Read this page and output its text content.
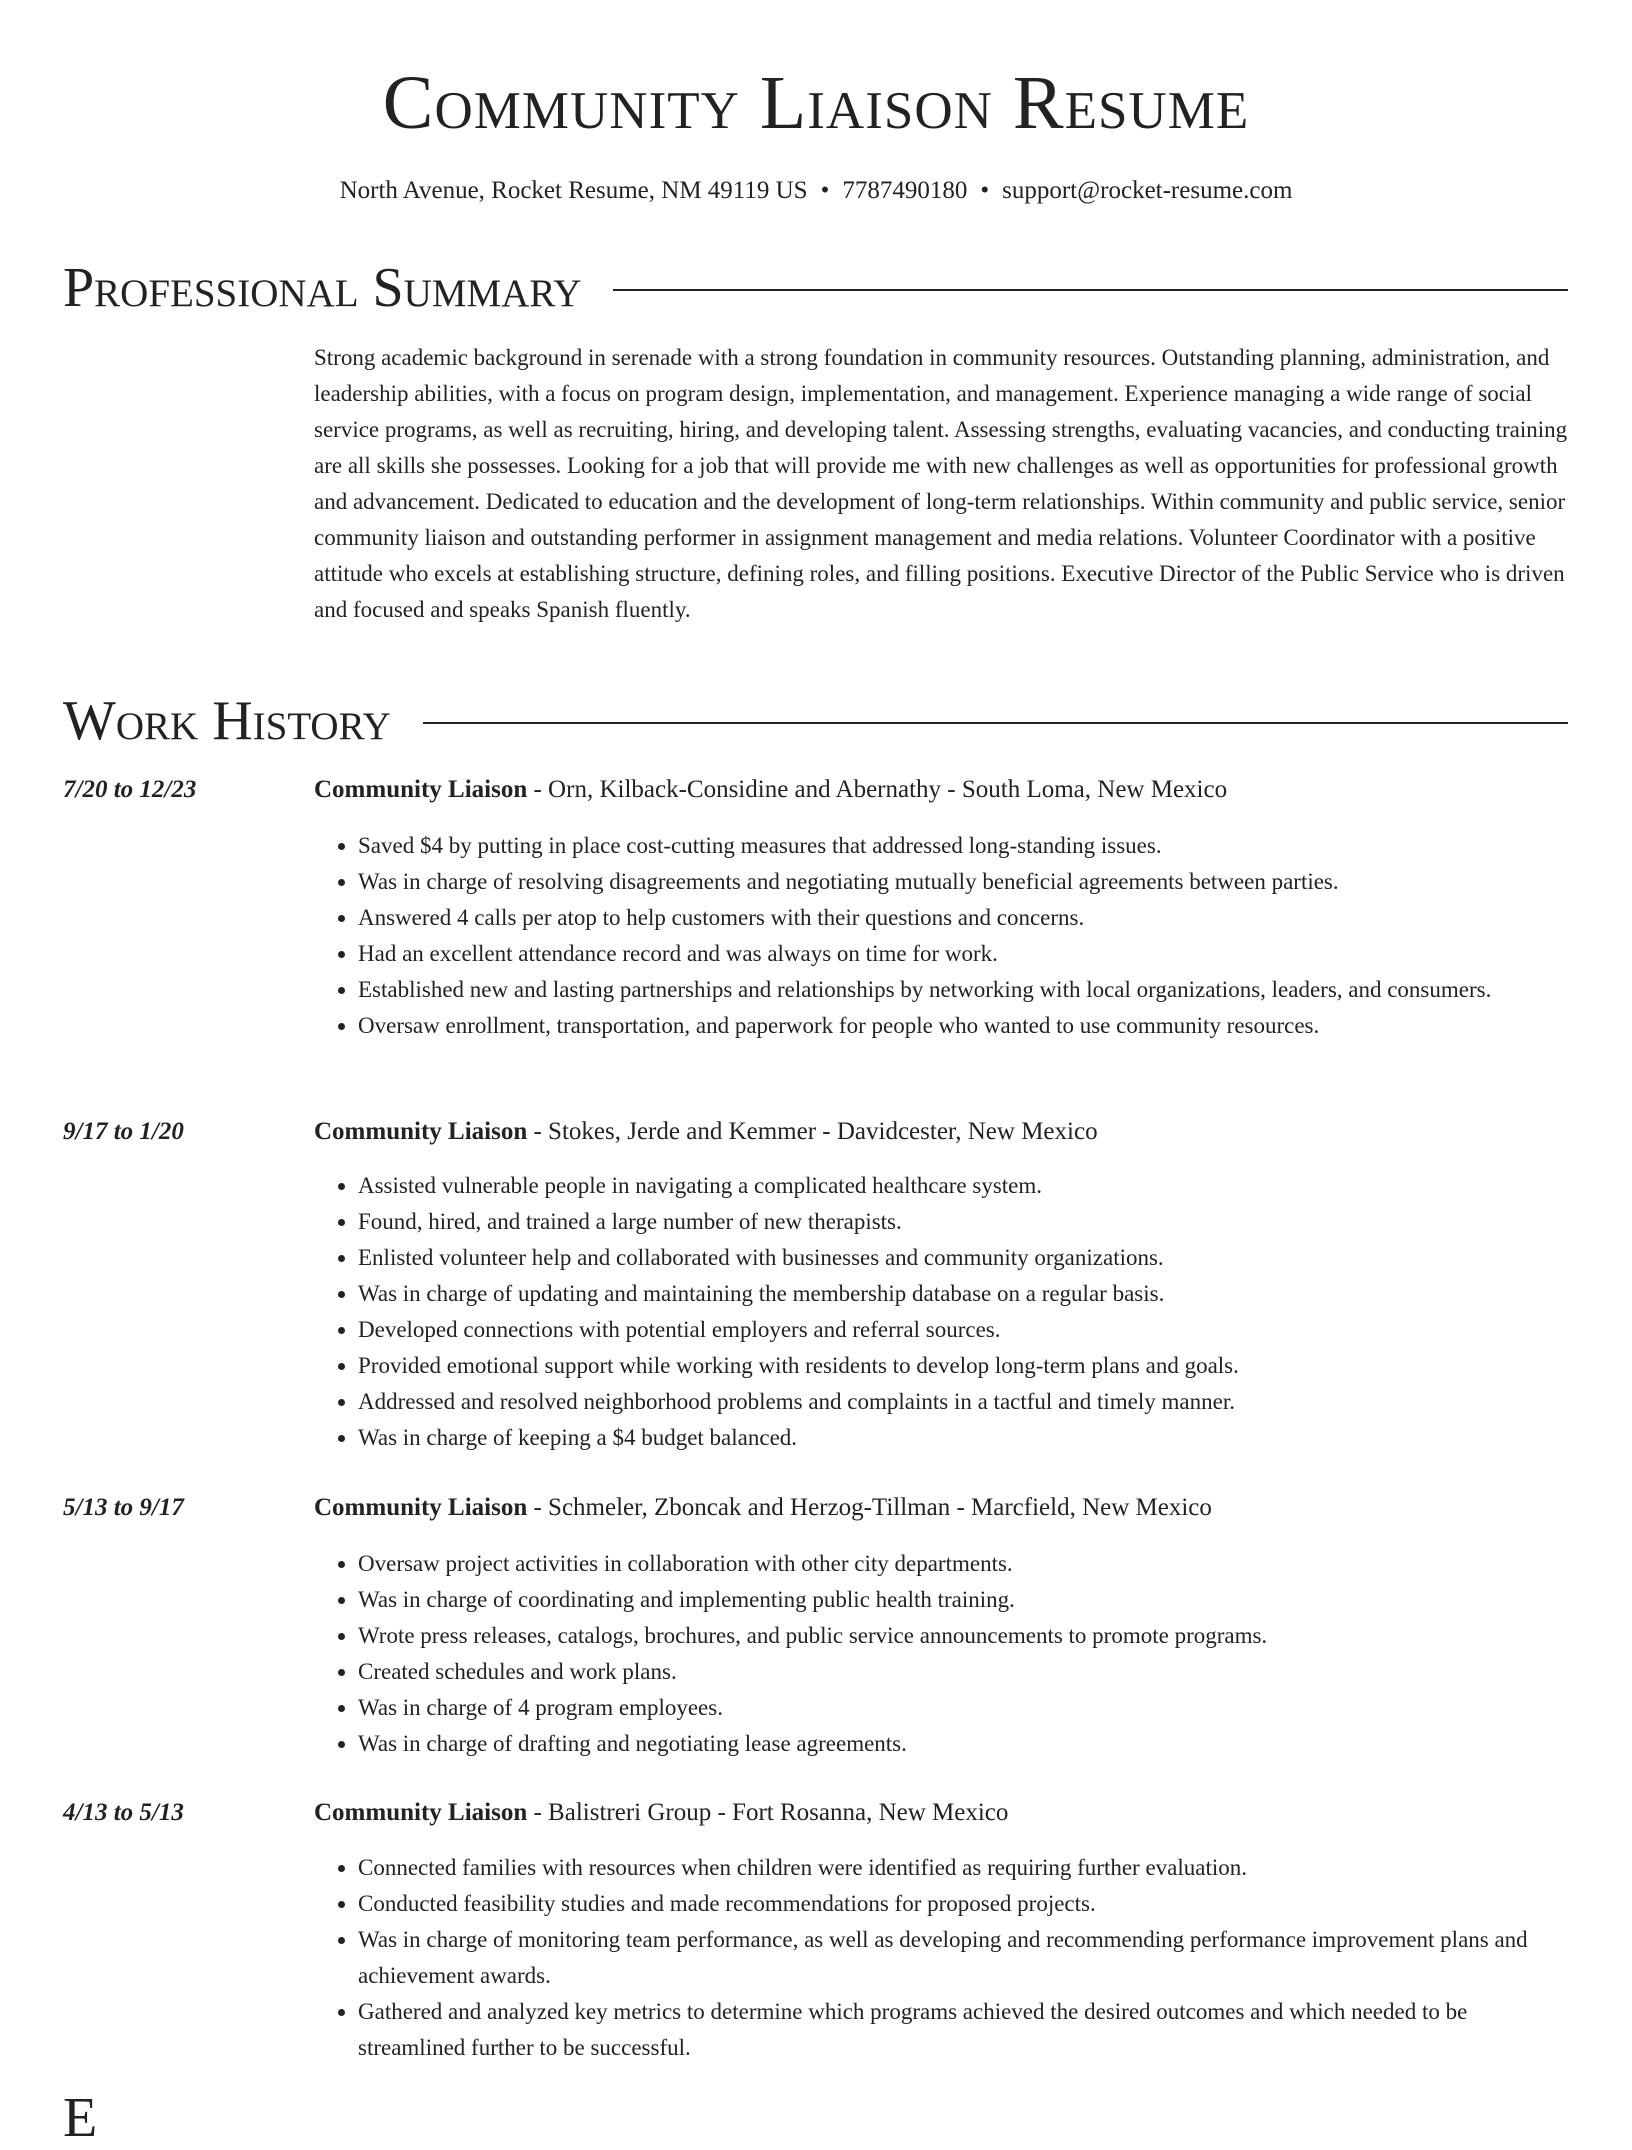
Community Liaison Resume
North Avenue, Rocket Resume, NM 49119 US • 7787490180 • support@rocket-resume.com
Professional Summary
Strong academic background in serenade with a strong foundation in community resources. Outstanding planning, administration, and leadership abilities, with a focus on program design, implementation, and management. Experience managing a wide range of social service programs, as well as recruiting, hiring, and developing talent. Assessing strengths, evaluating vacancies, and conducting training are all skills she possesses. Looking for a job that will provide me with new challenges as well as opportunities for professional growth and advancement. Dedicated to education and the development of long-term relationships. Within community and public service, senior community liaison and outstanding performer in assignment management and media relations. Volunteer Coordinator with a positive attitude who excels at establishing structure, defining roles, and filling positions. Executive Director of the Public Service who is driven and focused and speaks Spanish fluently.
Work History
7/20 to 12/23	Community Liaison - Orn, Kilback-Considine and Abernathy - South Loma, New Mexico
• Saved $4 by putting in place cost-cutting measures that addressed long-standing issues.
• Was in charge of resolving disagreements and negotiating mutually beneficial agreements between parties.
• Answered 4 calls per atop to help customers with their questions and concerns.
• Had an excellent attendance record and was always on time for work.
• Established new and lasting partnerships and relationships by networking with local organizations, leaders, and consumers.
• Oversaw enrollment, transportation, and paperwork for people who wanted to use community resources.
9/17 to 1/20	Community Liaison - Stokes, Jerde and Kemmer - Davidcester, New Mexico
• Assisted vulnerable people in navigating a complicated healthcare system.
• Found, hired, and trained a large number of new therapists.
• Enlisted volunteer help and collaborated with businesses and community organizations.
• Was in charge of updating and maintaining the membership database on a regular basis.
• Developed connections with potential employers and referral sources.
• Provided emotional support while working with residents to develop long-term plans and goals.
• Addressed and resolved neighborhood problems and complaints in a tactful and timely manner.
• Was in charge of keeping a $4 budget balanced.
5/13 to 9/17	Community Liaison - Schmeler, Zboncak and Herzog-Tillman - Marcfield, New Mexico
• Oversaw project activities in collaboration with other city departments.
• Was in charge of coordinating and implementing public health training.
• Wrote press releases, catalogs, brochures, and public service announcements to promote programs.
• Created schedules and work plans.
• Was in charge of 4 program employees.
• Was in charge of drafting and negotiating lease agreements.
4/13 to 5/13	Community Liaison - Balistreri Group - Fort Rosanna, New Mexico
• Connected families with resources when children were identified as requiring further evaluation.
• Conducted feasibility studies and made recommendations for proposed projects.
• Was in charge of monitoring team performance, as well as developing and recommending performance improvement plans and achievement awards.
• Gathered and analyzed key metrics to determine which programs achieved the desired outcomes and which needed to be streamlined further to be successful.
E
